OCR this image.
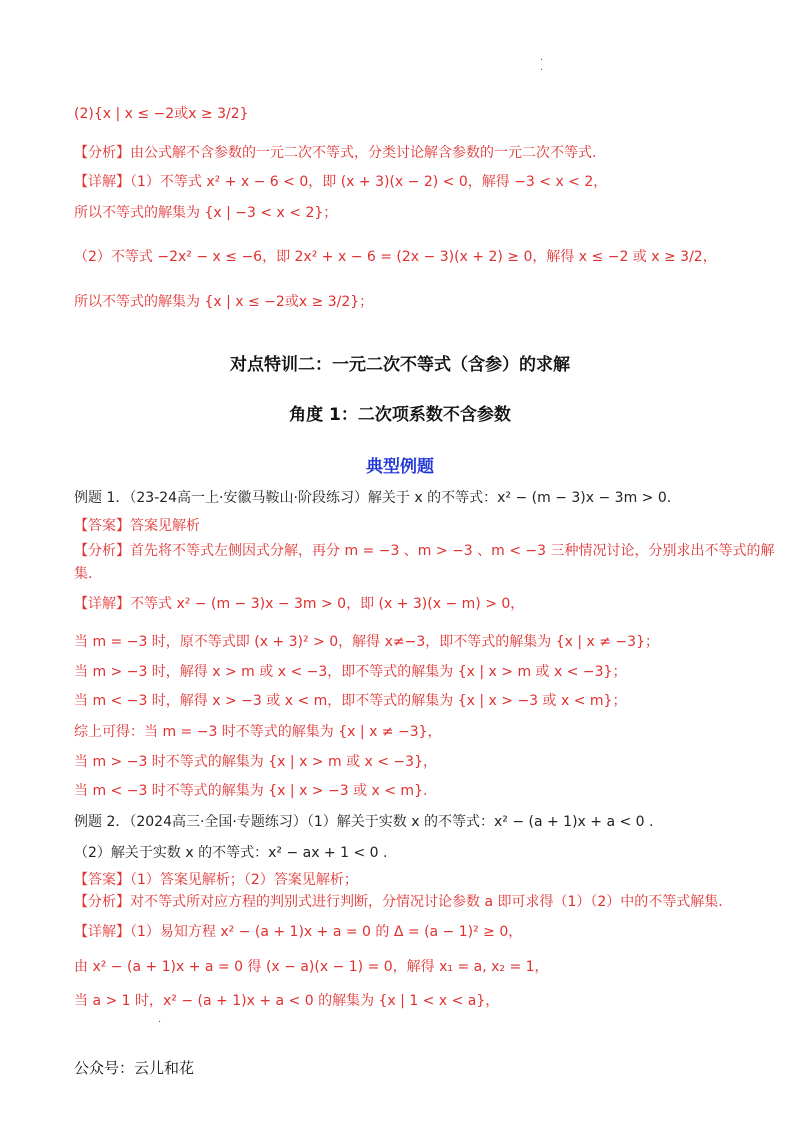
·
·
(2){x | x ≤ −2或x ≥ 3/2}
【分析】由公式解不含参数的一元二次不等式，分类讨论解含参数的一元二次不等式.
【详解】（1）不等式 x² + x − 6 < 0，即 (x + 3)(x − 2) < 0，解得 −3 < x < 2，
所以不等式的解集为 {x | −3 < x < 2}；
（2）不等式 −2x² − x ≤ −6，即 2x² + x − 6 = (2x − 3)(x + 2) ≥ 0，解得 x ≤ −2 或 x ≥ 3/2，
所以不等式的解集为 {x | x ≤ −2或x ≥ 3/2}；
例题 1．（23-24高一上·安徽马鞍山·阶段练习）解关于 x 的不等式：x² − (m − 3)x − 3m > 0.
【答案】答案见解析
【分析】首先将不等式左侧因式分解，再分 m = −3 、m > −3 、m < −3 三种情况讨论，分别求出不等式的解
集.
【详解】不等式 x² − (m − 3)x − 3m > 0，即 (x + 3)(x − m) > 0，
当 m = −3 时，原不等式即 (x + 3)² > 0，解得 x≠−3，即不等式的解集为 {x | x ≠ −3}；
当 m > −3 时，解得 x > m 或 x < −3，即不等式的解集为 {x | x > m 或 x < −3}；
当 m < −3 时，解得 x > −3 或 x < m，即不等式的解集为 {x | x > −3 或 x < m}；
综上可得：当 m = −3 时不等式的解集为 {x | x ≠ −3}，
当 m > −3 时不等式的解集为 {x | x > m 或 x < −3}，
当 m < −3 时不等式的解集为 {x | x > −3 或 x < m}.
例题 2．（2024高三·全国·专题练习）（1）解关于实数 x 的不等式：x² − (a + 1)x + a < 0 .
（2）解关于实数 x 的不等式：x² − ax + 1 < 0 .
【答案】（1）答案见解析；（2）答案见解析；
【分析】对不等式所对应方程的判别式进行判断，分情况讨论参数 a 即可求得（1）（2）中的不等式解集.
【详解】（1）易知方程 x² − (a + 1)x + a = 0 的 Δ = (a − 1)² ≥ 0，
由 x² − (a + 1)x + a = 0 得 (x − a)(x − 1) = 0，解得 x₁ = a, x₂ = 1，
当 a > 1 时，x² − (a + 1)x + a < 0 的解集为 {x | 1 < x < a}，
对点特训二：一元二次不等式（含参）的求解
角度 1：二次项系数不含参数
典型例题
·
公众号：云儿和花
